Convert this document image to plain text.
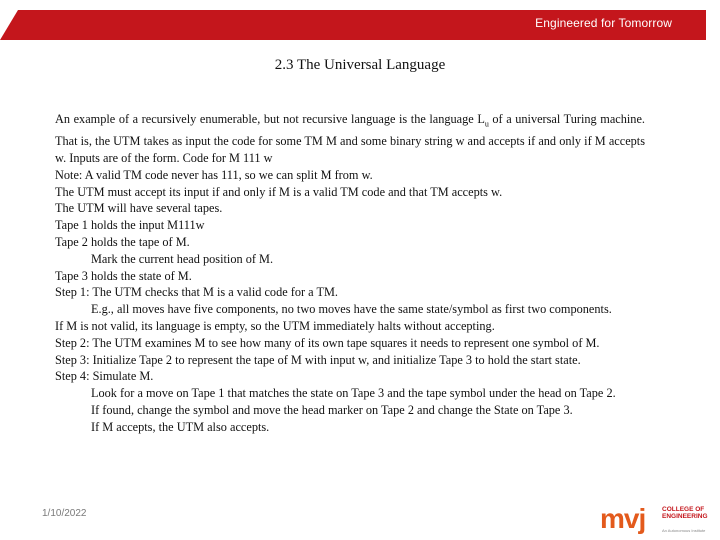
Engineered for Tomorrow
2.3 The Universal Language

An example of a recursively enumerable, but not recursive language is the language $L_u$ of a universal Turing machine. That is, the UTM takes as input the code for some TM M and some binary string w and accepts if and only if M accepts w. Inputs are of the form. Code for M 111 w

Note: A valid TM code never has 111, so we can split M from w.

The UTM must accept its input if and only if M is a valid TM code and that TM accepts w.

The UTM will have several tapes.

Tape 1 holds the input M111w

Tape 2 holds the tape of M.

Mark the current head position of M.

Tape 3 holds the state of M.

Step 1: The UTM checks that M is a valid code for a TM.

E.g., all moves have five components, no two moves have the same state/symbol as first two components.

If M is not valid, its language is empty, so the UTM immediately halts without accepting.

Step 2: The UTM examines M to see how many of its own tape squares it needs to represent one symbol of M.

Step 3: Initialize Tape 2 to represent the tape of M with input w, and initialize Tape 3 to hold the start state.

Step 4: Simulate M.

Look for a move on Tape 1 that matches the state on Tape 3 and the tape symbol under the head on Tape 2.

If found, change the symbol and move the head marker on Tape 2 and change the State on Tape 3.

If M accepts, the UTM also accepts.

1/10/2022	mvj	COLLEGE OF
ENGINEERING
An Autonomous Institute
